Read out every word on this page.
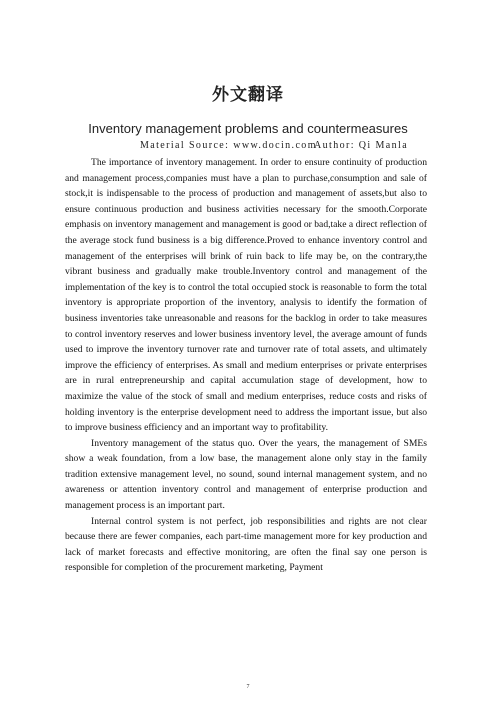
外文翻译
Inventory management problems and countermeasures
Material Source: www.docin.com
Author: Qi Manla

The importance of inventory management. In order to ensure continuity of production and management process,companies must have a plan to purchase,consumption and sale of stock,it is indispensable to the process of production and management of assets,but also to ensure continuous production and business activities necessary for the smooth.Corporate emphasis on inventory management and management is good or bad,take a direct reflection of the average stock fund business is a big difference.Proved to enhance inventory control and management of the enterprises will brink of ruin back to life may be, on the contrary,the vibrant business and gradually make trouble.Inventory control and management of the implementation of the key is to control the total occupied stock is reasonable to form the total inventory is appropriate proportion of the inventory, analysis to identify the formation of business inventories take unreasonable and reasons for the backlog in order to take measures to control inventory reserves and lower business inventory level, the average amount of funds used to improve the inventory turnover rate and turnover rate of total assets, and ultimately improve the efficiency of enterprises. As small and medium enterprises or private enterprises are in rural entrepreneurship and capital accumulation stage of development, how to maximize the value of the stock of small and medium enterprises, reduce costs and risks of holding inventory is the enterprise development need to address the important issue, but also to improve business efficiency and an important way to profitability.

Inventory management of the status quo. Over the years, the management of SMEs show a weak foundation, from a low base, the management alone only stay in the family tradition extensive management level, no sound, sound internal management system, and no awareness or attention inventory control and management of enterprise production and management process is an important part.

Internal control system is not perfect, job responsibilities and rights are not clear because there are fewer companies, each part-time management more for key production and lack of market forecasts and effective monitoring, are often the final say one person is responsible for completion of the procurement marketing, Payment

7
